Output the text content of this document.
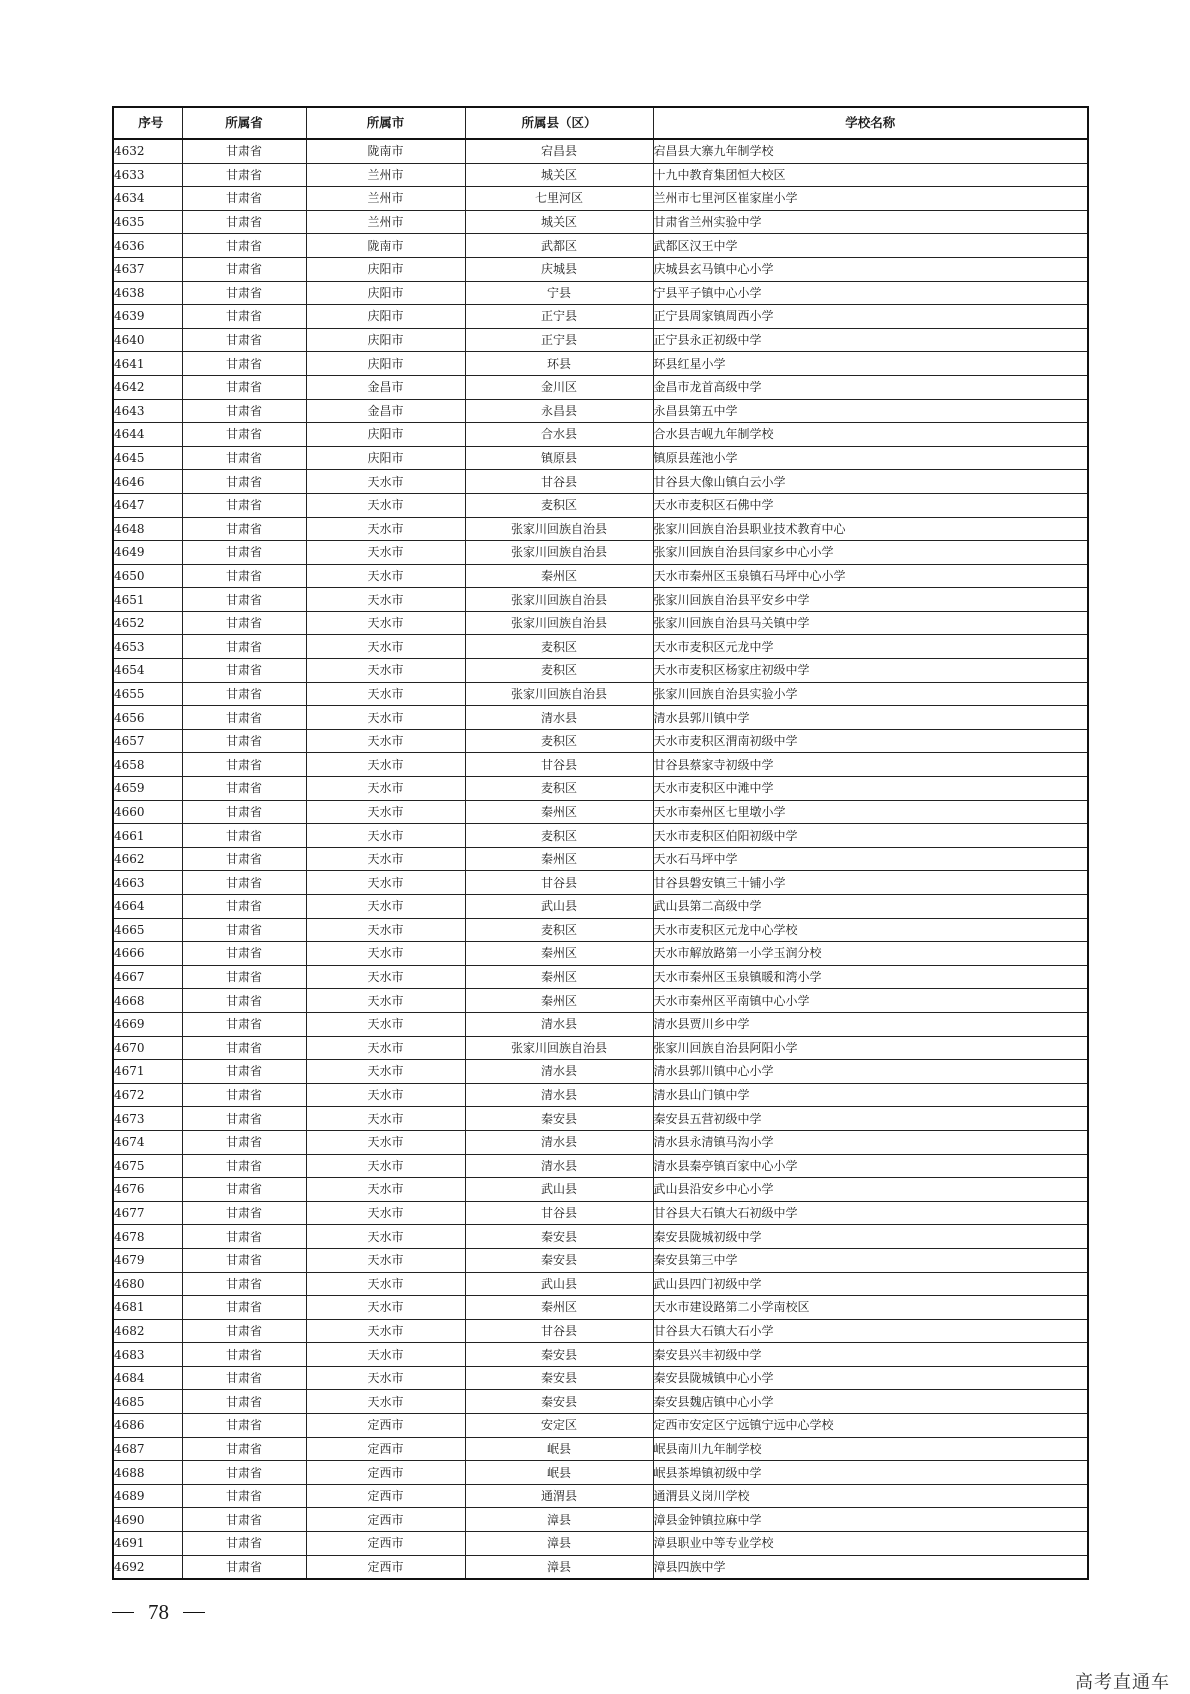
序号	所属省	所属市	所属县（区）	学校名称
4632	甘肃省	陇南市	宕昌县	宕昌县大寨九年制学校
4633	甘肃省	兰州市	城关区	十九中教育集团恒大校区
4634	甘肃省	兰州市	七里河区	兰州市七里河区崔家崖小学
4635	甘肃省	兰州市	城关区	甘肃省兰州实验中学
4636	甘肃省	陇南市	武都区	武都区汉王中学
4637	甘肃省	庆阳市	庆城县	庆城县玄马镇中心小学
4638	甘肃省	庆阳市	宁县	宁县平子镇中心小学
4639	甘肃省	庆阳市	正宁县	正宁县周家镇周西小学
4640	甘肃省	庆阳市	正宁县	正宁县永正初级中学
4641	甘肃省	庆阳市	环县	环县红星小学
4642	甘肃省	金昌市	金川区	金昌市龙首高级中学
4643	甘肃省	金昌市	永昌县	永昌县第五中学
4644	甘肃省	庆阳市	合水县	合水县吉岘九年制学校
4645	甘肃省	庆阳市	镇原县	镇原县莲池小学
4646	甘肃省	天水市	甘谷县	甘谷县大像山镇白云小学
4647	甘肃省	天水市	麦积区	天水市麦积区石佛中学
4648	甘肃省	天水市	张家川回族自治县	张家川回族自治县职业技术教育中心
4649	甘肃省	天水市	张家川回族自治县	张家川回族自治县闫家乡中心小学
4650	甘肃省	天水市	秦州区	天水市秦州区玉泉镇石马坪中心小学
4651	甘肃省	天水市	张家川回族自治县	张家川回族自治县平安乡中学
4652	甘肃省	天水市	张家川回族自治县	张家川回族自治县马关镇中学
4653	甘肃省	天水市	麦积区	天水市麦积区元龙中学
4654	甘肃省	天水市	麦积区	天水市麦积区杨家庄初级中学
4655	甘肃省	天水市	张家川回族自治县	张家川回族自治县实验小学
4656	甘肃省	天水市	清水县	清水县郭川镇中学
4657	甘肃省	天水市	麦积区	天水市麦积区渭南初级中学
4658	甘肃省	天水市	甘谷县	甘谷县蔡家寺初级中学
4659	甘肃省	天水市	麦积区	天水市麦积区中滩中学
4660	甘肃省	天水市	秦州区	天水市秦州区七里墩小学
4661	甘肃省	天水市	麦积区	天水市麦积区伯阳初级中学
4662	甘肃省	天水市	秦州区	天水石马坪中学
4663	甘肃省	天水市	甘谷县	甘谷县磐安镇三十铺小学
4664	甘肃省	天水市	武山县	武山县第二高级中学
4665	甘肃省	天水市	麦积区	天水市麦积区元龙中心学校
4666	甘肃省	天水市	秦州区	天水市解放路第一小学玉润分校
4667	甘肃省	天水市	秦州区	天水市秦州区玉泉镇暖和湾小学
4668	甘肃省	天水市	秦州区	天水市秦州区平南镇中心小学
4669	甘肃省	天水市	清水县	清水县贾川乡中学
4670	甘肃省	天水市	张家川回族自治县	张家川回族自治县阿阳小学
4671	甘肃省	天水市	清水县	清水县郭川镇中心小学
4672	甘肃省	天水市	清水县	清水县山门镇中学
4673	甘肃省	天水市	秦安县	秦安县五营初级中学
4674	甘肃省	天水市	清水县	清水县永清镇马沟小学
4675	甘肃省	天水市	清水县	清水县秦亭镇百家中心小学
4676	甘肃省	天水市	武山县	武山县沿安乡中心小学
4677	甘肃省	天水市	甘谷县	甘谷县大石镇大石初级中学
4678	甘肃省	天水市	秦安县	秦安县陇城初级中学
4679	甘肃省	天水市	秦安县	秦安县第三中学
4680	甘肃省	天水市	武山县	武山县四门初级中学
4681	甘肃省	天水市	秦州区	天水市建设路第二小学南校区
4682	甘肃省	天水市	甘谷县	甘谷县大石镇大石小学
4683	甘肃省	天水市	秦安县	秦安县兴丰初级中学
4684	甘肃省	天水市	秦安县	秦安县陇城镇中心小学
4685	甘肃省	天水市	秦安县	秦安县魏店镇中心小学
4686	甘肃省	定西市	安定区	定西市安定区宁远镇宁远中心学校
4687	甘肃省	定西市	岷县	岷县南川九年制学校
4688	甘肃省	定西市	岷县	岷县茶埠镇初级中学
4689	甘肃省	定西市	通渭县	通渭县义岗川学校
4690	甘肃省	定西市	漳县	漳县金钟镇拉麻中学
4691	甘肃省	定西市	漳县	漳县职业中等专业学校
4692	甘肃省	定西市	漳县	漳县四族中学
78
高考直通车
